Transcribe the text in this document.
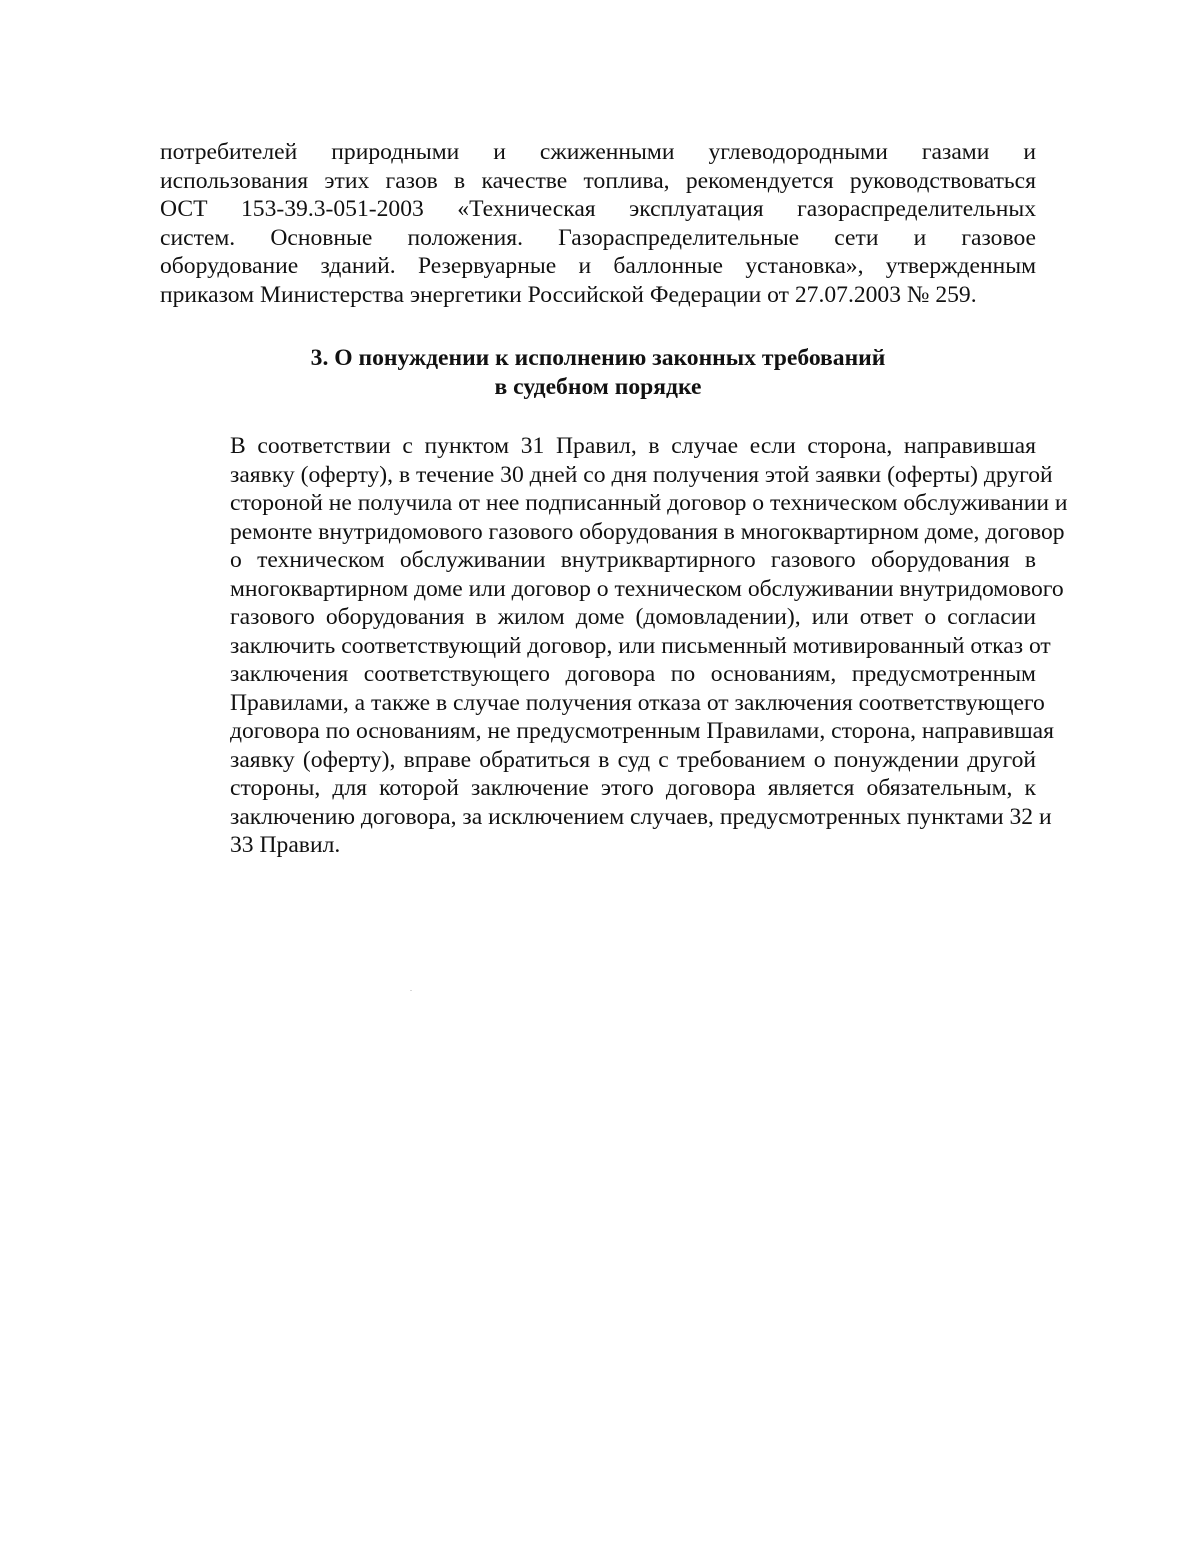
потребителей природными и сжиженными углеводородными газами и
использования этих газов в качестве топлива, рекомендуется руководствоваться
ОСТ 153-39.3-051-2003 «Техническая эксплуатация газораспределительных
систем. Основные положения. Газораспределительные сети и газовое
оборудование зданий. Резервуарные и баллонные установка», утвержденным
приказом Министерства энергетики Российской Федерации от 27.07.2003 № 259.
3. О понуждении к исполнению законных требований
в судебном порядке
В соответствии с пунктом 31 Правил, в случае если сторона, направившая
заявку (оферту), в течение 30 дней со дня получения этой заявки (оферты) другой
стороной не получила от нее подписанный договор о техническом обслуживании и
ремонте внутридомового газового оборудования в многоквартирном доме, договор
о техническом обслуживании внутриквартирного газового оборудования в
многоквартирном доме или договор о техническом обслуживании внутридомового
газового оборудования в жилом доме (домовладении), или ответ о согласии
заключить соответствующий договор, или письменный мотивированный отказ от
заключения соответствующего договора по основаниям, предусмотренным
Правилами, а также в случае получения отказа от заключения соответствующего
договора по основаниям, не предусмотренным Правилами, сторона, направившая
заявку (оферту), вправе обратиться в суд с требованием о понуждении другой
стороны, для которой заключение этого договора является обязательным, к
заключению договора, за исключением случаев, предусмотренных пунктами 32 и
33 Правил.
